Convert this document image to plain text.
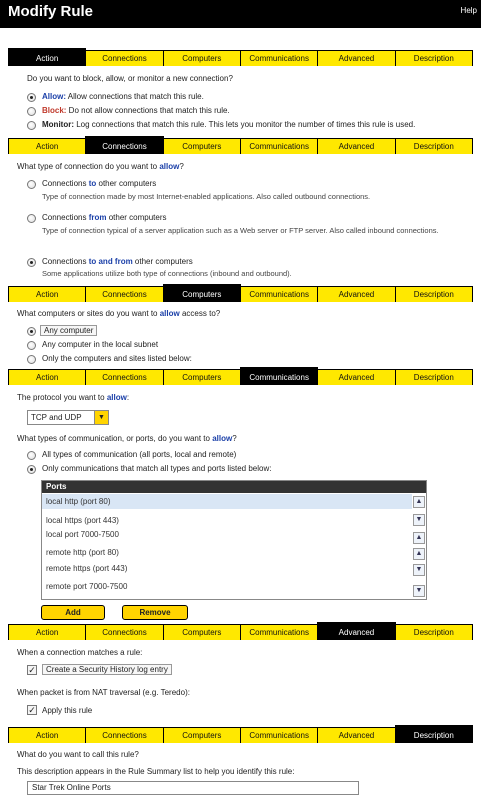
Modify Rule	Help
Action	Connections	Computers	Communications	Advanced	Description
Do you want to block, allow, or monitor a new connection?
Allow: Allow connections that match this rule.
Block: Do not allow connections that match this rule.
Monitor: Log connections that match this rule. This lets you monitor the number of times this rule is used.
Action	Connections	Computers	Communications	Advanced	Description
What type of connection do you want to allow?
Connections to other computers
Type of connection made by most Internet-enabled applications. Also called outbound connections.
Connections from other computers
Type of connection typical of a server application such as a Web server or FTP server. Also called inbound connections.
Connections to and from other computers
Some applications utilize both type of connections (inbound and outbound).
Action	Connections	Computers	Communications	Advanced	Description
What computers or sites do you want to allow access to?
Any computer
Any computer in the local subnet
Only the computers and sites listed below:
Action	Connections	Computers	Communications	Advanced	Description
The protocol you want to allow:
TCP and UDP	▼
What types of communication, or ports, do you want to allow?
All types of communication (all ports, local and remote)
Only communications that match all types and ports listed below:
Ports
local http (port 80)
local https (port 443)
local port 7000-7500
remote http (port 80)
remote https (port 443)
remote port 7000-7500
▲
▼
▲
▲
▼
▼
Add	Remove
Action	Connections	Computers	Communications	Advanced	Description
When a connection matches a rule:
✓	Create a Security History log entry
When packet is from NAT traversal (e.g. Teredo):
✓ Apply this rule
Action	Connections	Computers	Communications	Advanced	Description
What do you want to call this rule?
This description appears in the Rule Summary list to help you identify this rule:
Star Trek Online Ports
